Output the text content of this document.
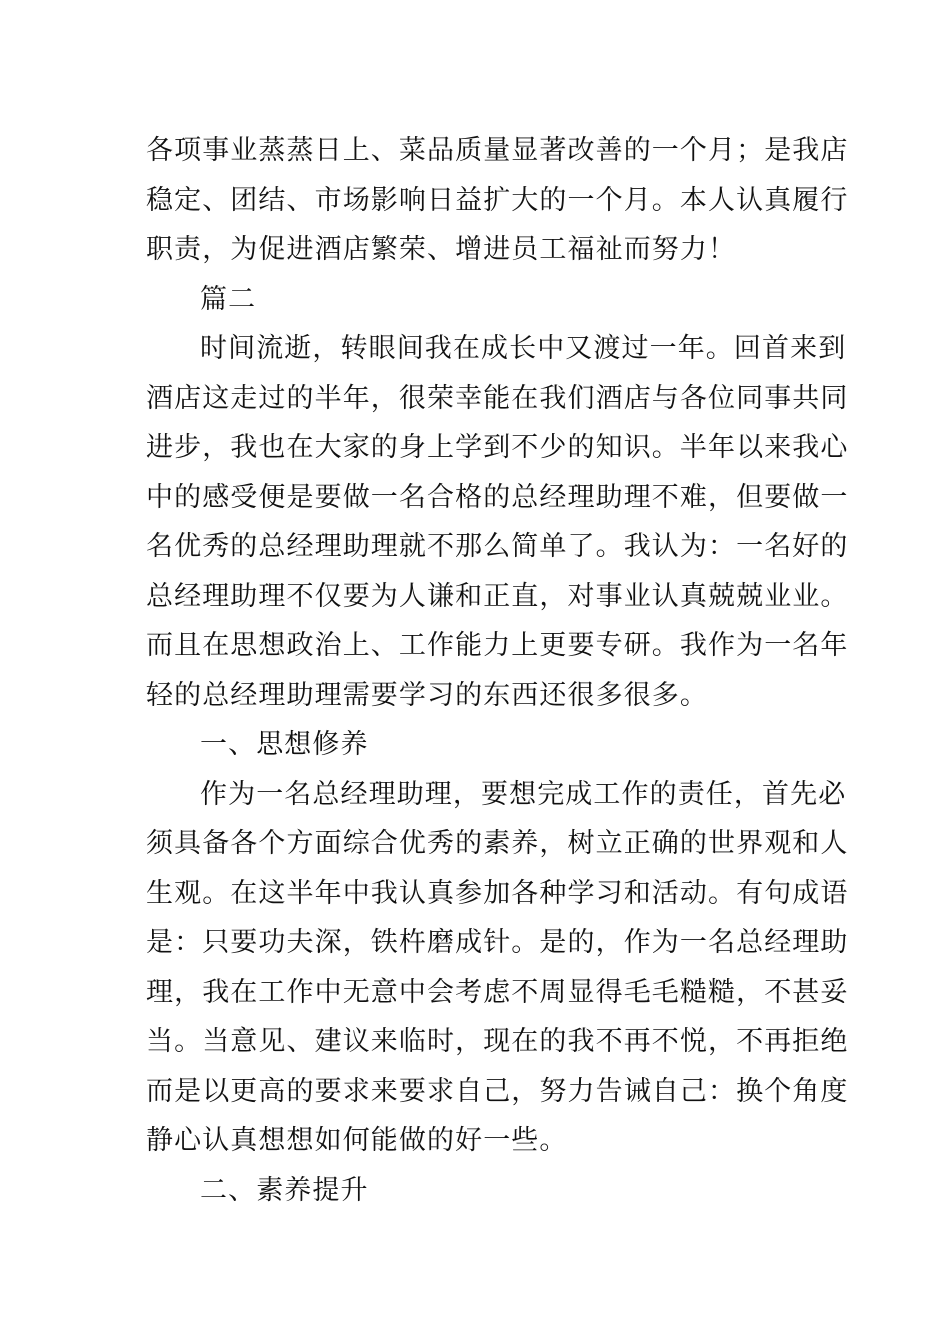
各项事业蒸蒸日上、菜品质量显著改善的一个月；是我店
稳定、团结、市场影响日益扩大的一个月。本人认真履行
职责，为促进酒店繁荣、增进员工福祉而努力！
篇二
时间流逝，转眼间我在成长中又渡过一年。回首来到
酒店这走过的半年，很荣幸能在我们酒店与各位同事共同
进步，我也在大家的身上学到不少的知识。半年以来我心
中的感受便是要做一名合格的总经理助理不难，但要做一
名优秀的总经理助理就不那么简单了。我认为：一名好的
总经理助理不仅要为人谦和正直，对事业认真兢兢业业。
而且在思想政治上、工作能力上更要专研。我作为一名年
轻的总经理助理需要学习的东西还很多很多。
一、思想修养
作为一名总经理助理，要想完成工作的责任，首先必
须具备各个方面综合优秀的素养，树立正确的世界观和人
生观。在这半年中我认真参加各种学习和活动。有句成语
是：只要功夫深，铁杵磨成针。是的，作为一名总经理助
理，我在工作中无意中会考虑不周显得毛毛糙糙，不甚妥
当。当意见、建议来临时，现在的我不再不悦，不再拒绝
而是以更高的要求来要求自己，努力告诫自己：换个角度
静心认真想想如何能做的好一些。
二、素养提升
